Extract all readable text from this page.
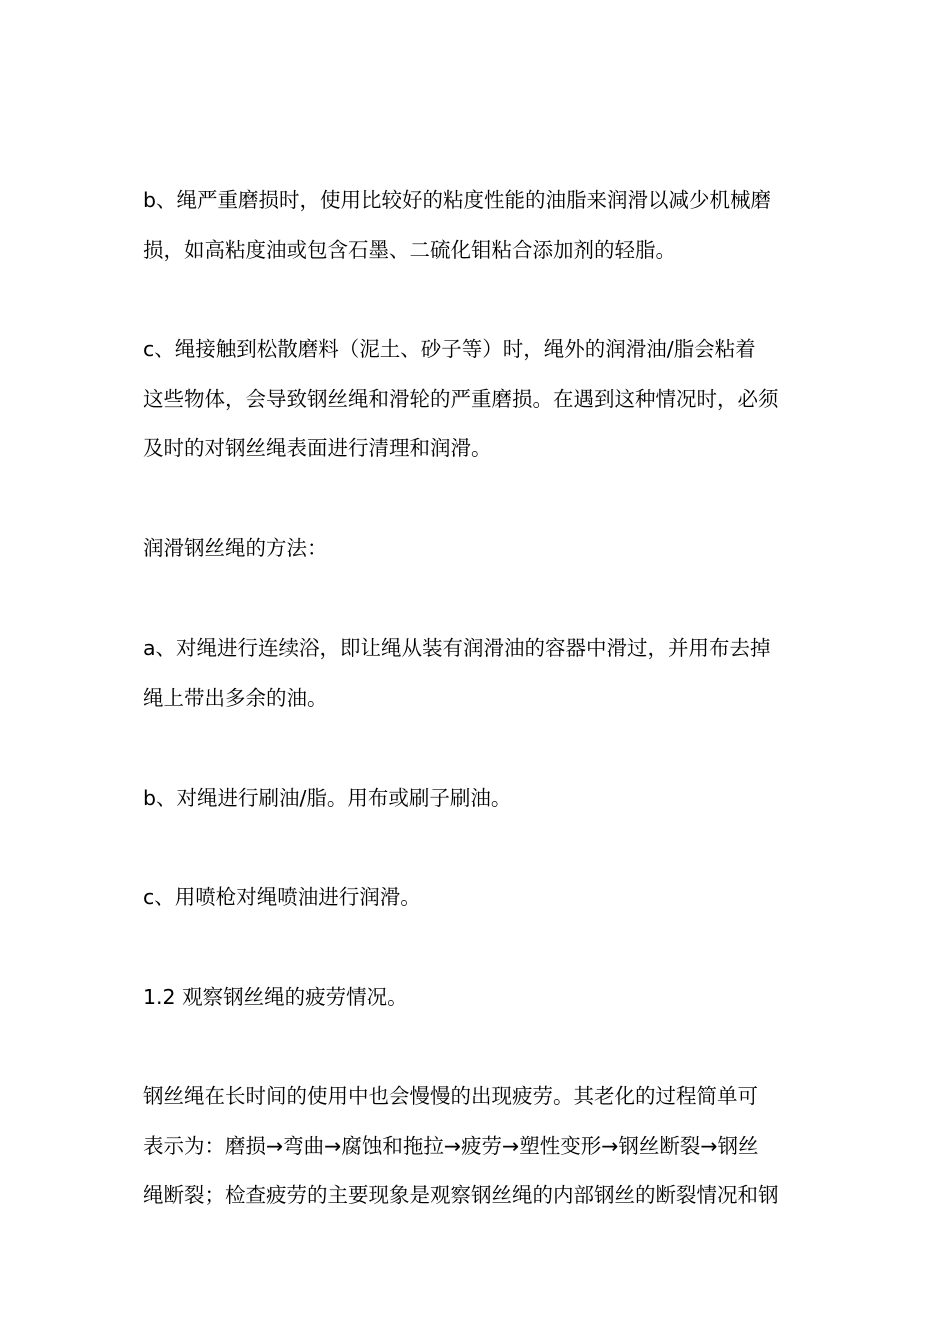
b、绳严重磨损时，使用比较好的粘度性能的油脂来润滑以减少机械磨
损，如高粘度油或包含石墨、二硫化钼粘合添加剂的轻脂。
c、绳接触到松散磨料（泥土、砂子等）时，绳外的润滑油/脂会粘着
这些物体，会导致钢丝绳和滑轮的严重磨损。在遇到这种情况时，必须
及时的对钢丝绳表面进行清理和润滑。
润滑钢丝绳的方法：
a、对绳进行连续浴，即让绳从装有润滑油的容器中滑过，并用布去掉
绳上带出多余的油。
b、对绳进行刷油/脂。用布或刷子刷油。
c、用喷枪对绳喷油进行润滑。
1.2 观察钢丝绳的疲劳情况。
钢丝绳在长时间的使用中也会慢慢的出现疲劳。其老化的过程简单可
表示为：磨损→弯曲→腐蚀和拖拉→疲劳→塑性变形→钢丝断裂→钢丝
绳断裂；检查疲劳的主要现象是观察钢丝绳的内部钢丝的断裂情况和钢
